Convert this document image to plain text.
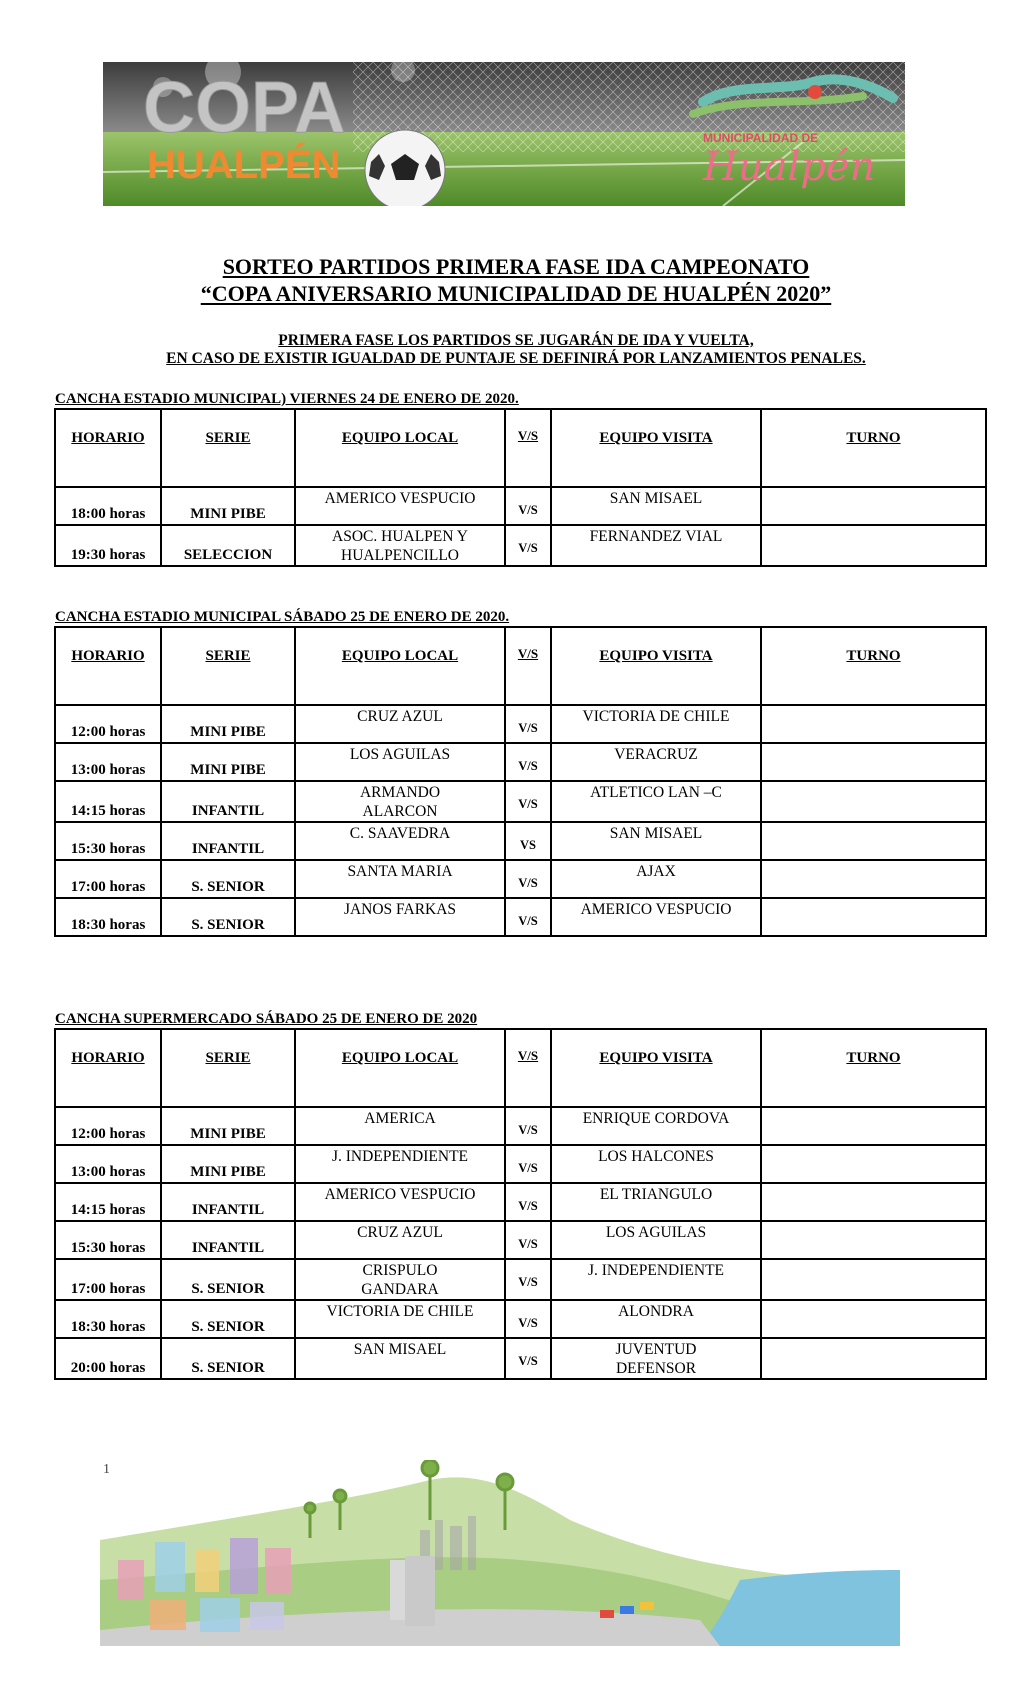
COPA
HUALPÉN
MUNICIPALIDAD DE
Hualpén
SORTEO PARTIDOS PRIMERA FASE IDA CAMPEONATO
“COPA ANIVERSARIO MUNICIPALIDAD DE HUALPÉN 2020”
PRIMERA FASE LOS PARTIDOS SE JUGARÁN DE IDA Y VUELTA,
EN CASO DE EXISTIR IGUALDAD DE PUNTAJE SE DEFINIRÁ POR LANZAMIENTOS PENALES.
CANCHA ESTADIO MUNICIPAL) VIERNES 24 DE ENERO DE 2020.
HORARIO	SERIE	EQUIPO LOCAL	V/S	EQUIPO VISITA	TURNO

18:00 horas	MINI PIBE	AMERICO VESPUCIO	V/S	SAN MISAEL	

19:30 horas	SELECCION	ASOC. HUALPEN Y HUALPENCILLO	V/S	FERNANDEZ VIAL	

CANCHA ESTADIO MUNICIPAL SÁBADO 25 DE ENERO DE 2020.
HORARIO	SERIE	EQUIPO LOCAL	V/S	EQUIPO VISITA	TURNO

12:00 horas	MINI PIBE	CRUZ AZUL	V/S	VICTORIA DE CHILE	

13:00 horas	MINI PIBE	LOS AGUILAS	V/S	VERACRUZ	

14:15 horas	INFANTIL	ARMANDO ALARCON	V/S	ATLETICO LAN –C	

15:30 horas	INFANTIL	C. SAAVEDRA	VS	SAN MISAEL	

17:00 horas	S. SENIOR	SANTA MARIA	V/S	AJAX	

18:30 horas	S. SENIOR	JANOS FARKAS	V/S	AMERICO VESPUCIO	

CANCHA SUPERMERCADO SÁBADO 25 DE ENERO DE 2020
HORARIO	SERIE	EQUIPO LOCAL	V/S	EQUIPO VISITA	TURNO

12:00 horas	MINI PIBE	AMERICA	V/S	ENRIQUE CORDOVA	

13:00 horas	MINI PIBE	J. INDEPENDIENTE	V/S	LOS HALCONES	

14:15 horas	INFANTIL	AMERICO VESPUCIO	V/S	EL TRIANGULO	

15:30 horas	INFANTIL	CRUZ AZUL	V/S	LOS AGUILAS	

17:00 horas	S. SENIOR	CRISPULO GANDARA	V/S	J. INDEPENDIENTE	

18:30 horas	S. SENIOR	VICTORIA DE CHILE	V/S	ALONDRA	

20:00 horas	S. SENIOR	SAN MISAEL	V/S	JUVENTUD DEFENSOR	

1
